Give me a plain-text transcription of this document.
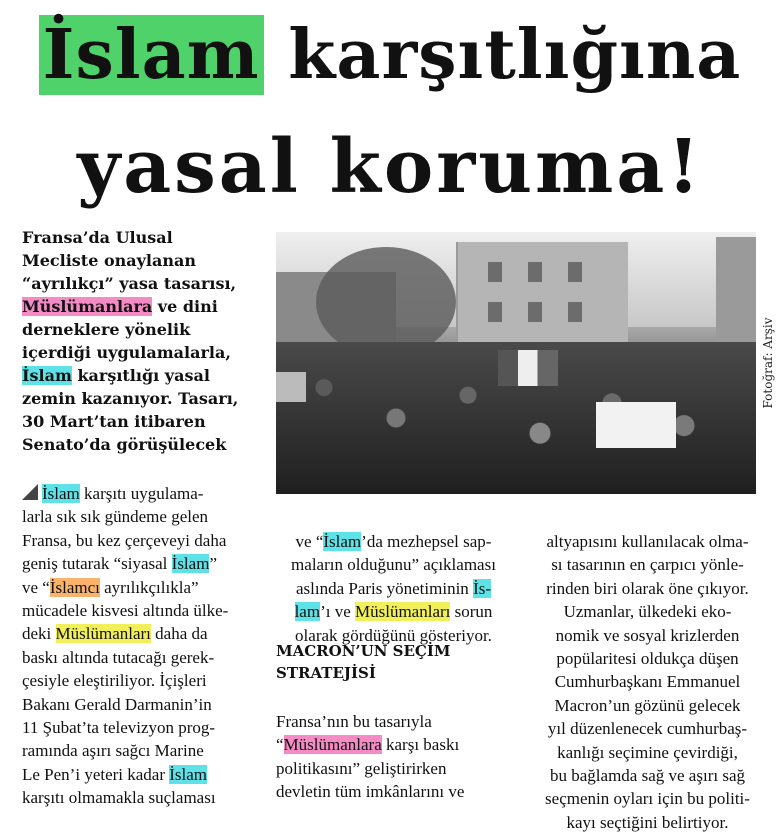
İslam karşıtlığına
yasal koruma!
Fransa’da Ulusal
Mecliste onaylanan
“ayrılıkçı” yasa tasarısı,
Müslümanlara ve dini
derneklere yönelik
içerdiği uygulamalarla,
İslam karşıtlığı yasal
zemin kazanıyor. Tasarı,
30 Mart’tan itibaren
Senato’da görüşülecek
Fotoğraf: Arşiv
İslam karşıtı uygulama-
larla sık sık gündeme gelen
Fransa, bu kez çerçeveyi daha
geniş tutarak “siyasal İslam”
ve “İslamcı ayrılıkçılıkla”
mücadele kisvesi altında ülke-
deki Müslümanları daha da
baskı altında tutacağı gerek-
çesiyle eleştiriliyor. İçişleri
Bakanı Gerald Darmanin’in
11 Şubat’ta televizyon prog-
ramında aşırı sağcı Marine
Le Pen’i yeteri kadar İslam
karşıtı olmamakla suçlaması
ve “İslam’da mezhepsel sap-
maların olduğunu” açıklaması
aslında Paris yönetiminin İs-
lam’ı ve Müslümanları sorun
olarak gördüğünü gösteriyor.
MACRON’UN SEÇİM
STRATEJİSİ
Fransa’nın bu tasarıyla
“Müslümanlara karşı baskı
politikasını” geliştirirken
devletin tüm imkânlarını ve
altyapısını kullanılacak olma-
sı tasarının en çarpıcı yönle-
rinden biri olarak öne çıkıyor.
Uzmanlar, ülkedeki eko-
nomik ve sosyal krizlerden
popülaritesi oldukça düşen
Cumhurbaşkanı Emmanuel
Macron’un gözünü gelecek
yıl düzenlenecek cumhurbaş-
kanlığı seçimine çevirdiği,
bu bağlamda sağ ve aşırı sağ
seçmenin oyları için bu politi-
kayı seçtiğini belirtiyor.
